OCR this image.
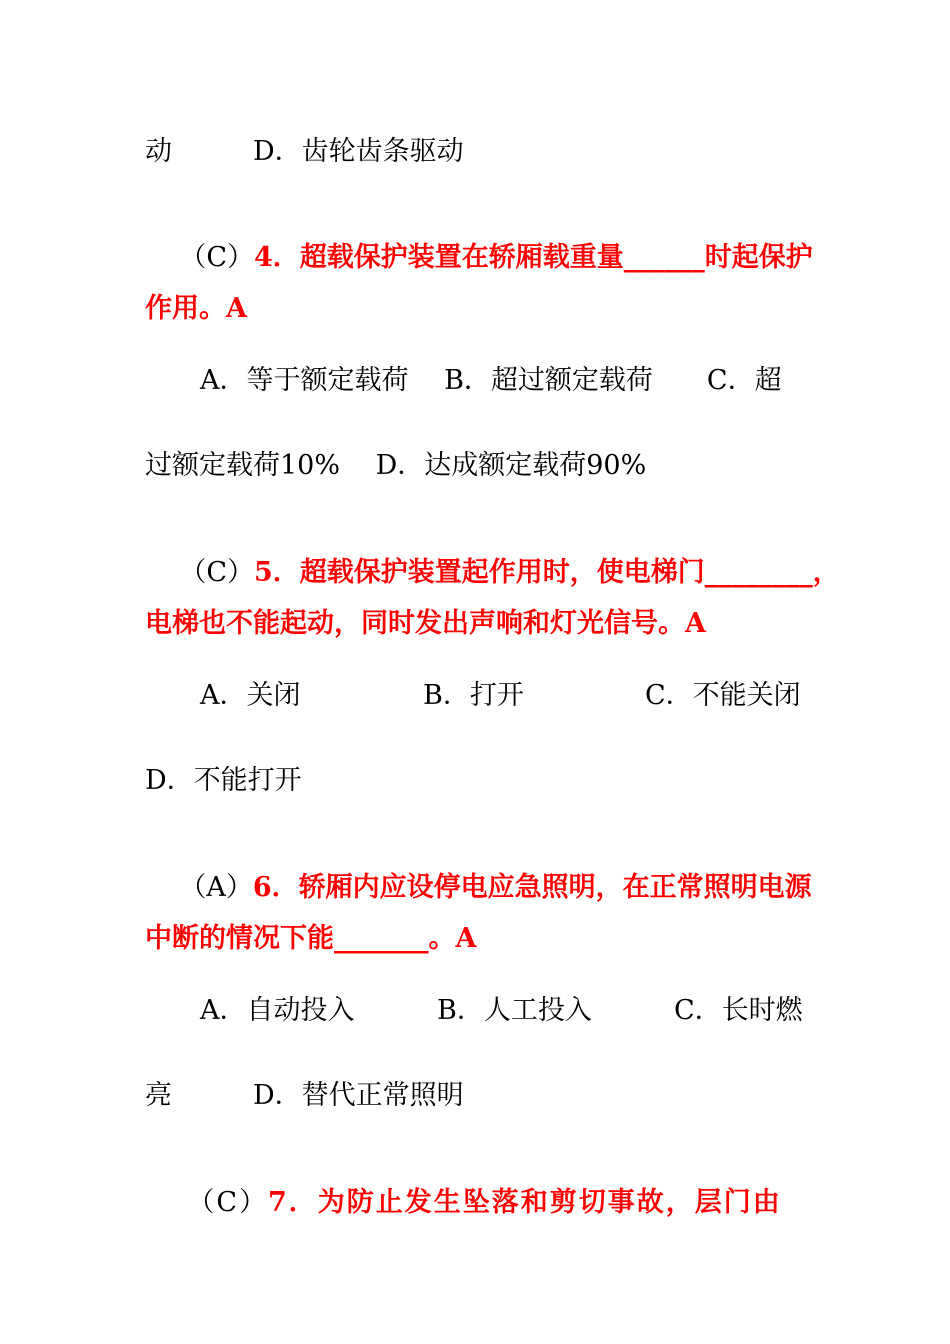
动　　　D．齿轮齿条驱动

（C）4．超载保护装置在轿厢载重量______时起保护

作用。A
A．等于额定载荷　 B．超过额定载荷　　C．超
过额定载荷10%　 D．达成额定载荷90%

（C）5．超载保护装置起作用时，使电梯门________，

电梯也不能起动，同时发出声响和灯光信号。A
A．关闭	B．打开	C．不能关闭
D．不能打开

（A）6．轿厢内应设停电应急照明，在正常照明电源

中断的情况下能_______。A
A．自动投入	B．人工投入	C．长时燃
亮　　　D．替代正常照明

（C）7．为防止发生坠落和剪切事故，层门由
